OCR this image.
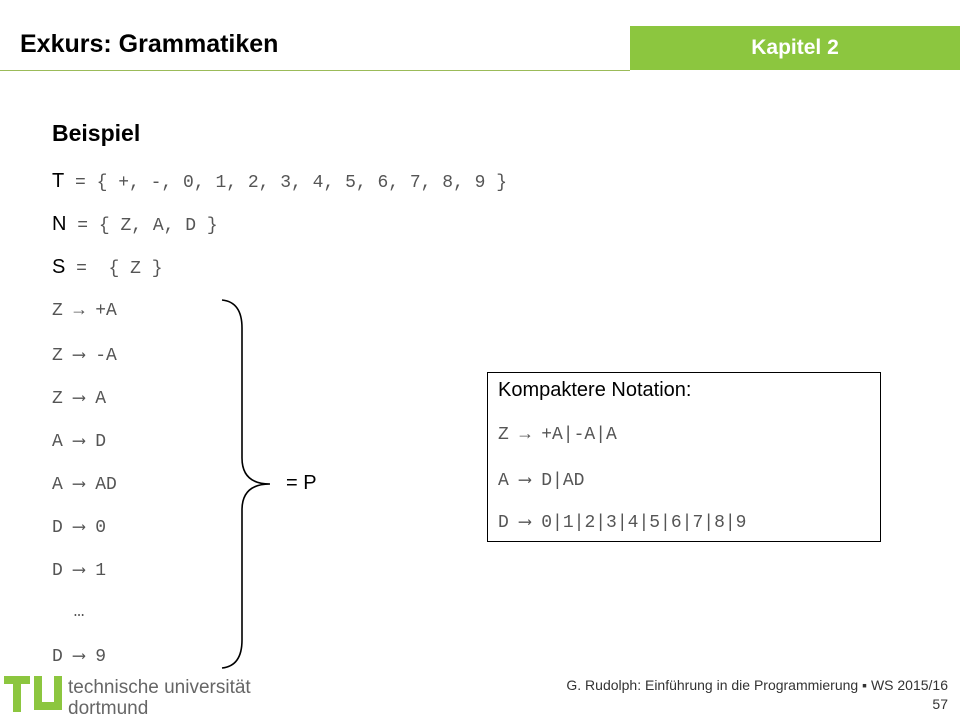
Exkurs: Grammatiken	Kapitel 2
Beispiel
T = { +, -, 0, 1, 2, 3, 4, 5, 6, 7, 8, 9 }
N = { Z, A, D }
S =  { Z }
Z → +A
Z ⟶ -A
Z ⟶ A
A ⟶ D
A ⟶ AD
D ⟶ 0
D ⟶ 1
…
D ⟶ 9
= P
Kompaktere Notation:
Z → +A|-A|A
A ⟶ D|AD
D ⟶ 0|1|2|3|4|5|6|7|8|9
technische universität
dortmund
G. Rudolph: Einführung in die Programmierung ▪ WS 2015/16
57
